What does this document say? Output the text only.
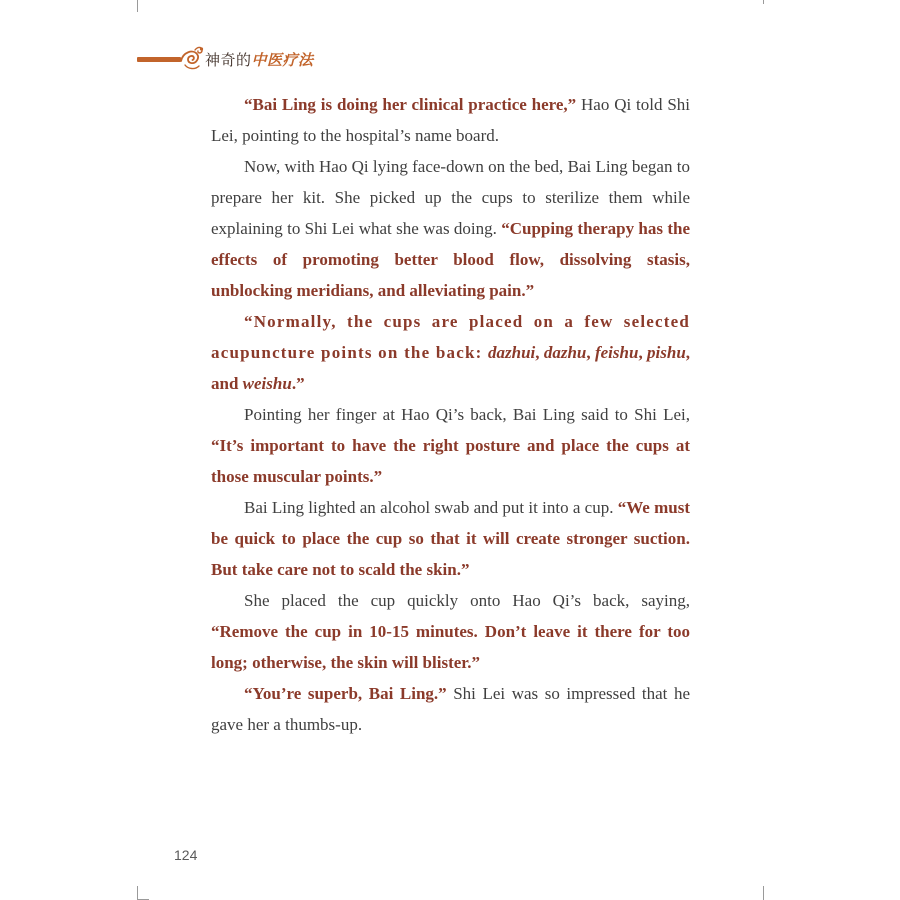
神奇的中医疗法

“Bai Ling is doing her clinical practice here,” Hao Qi told Shi Lei, pointing to the hospital’s name board.

Now, with Hao Qi lying face-down on the bed, Bai Ling began to prepare her kit. She picked up the cups to sterilize them while explaining to Shi Lei what she was doing. “Cupping therapy has the effects of promoting better blood flow, dissolving stasis, unblocking meridians, and alleviating pain.”

“Normally, the cups are placed on a few selected acupuncture points on the back: dazhui, dazhu, feishu, pishu, and weishu.”

Pointing her finger at Hao Qi’s back, Bai Ling said to Shi Lei, “It’s important to have the right posture and place the cups at those muscular points.”

Bai Ling lighted an alcohol swab and put it into a cup. “We must be quick to place the cup so that it will create stronger suction. But take care not to scald the skin.”

She placed the cup quickly onto Hao Qi’s back, saying, “Remove the cup in 10-15 minutes. Don’t leave it there for too long; otherwise, the skin will blister.”

“You’re superb, Bai Ling.” Shi Lei was so impressed that he gave her a thumbs-up.

124
